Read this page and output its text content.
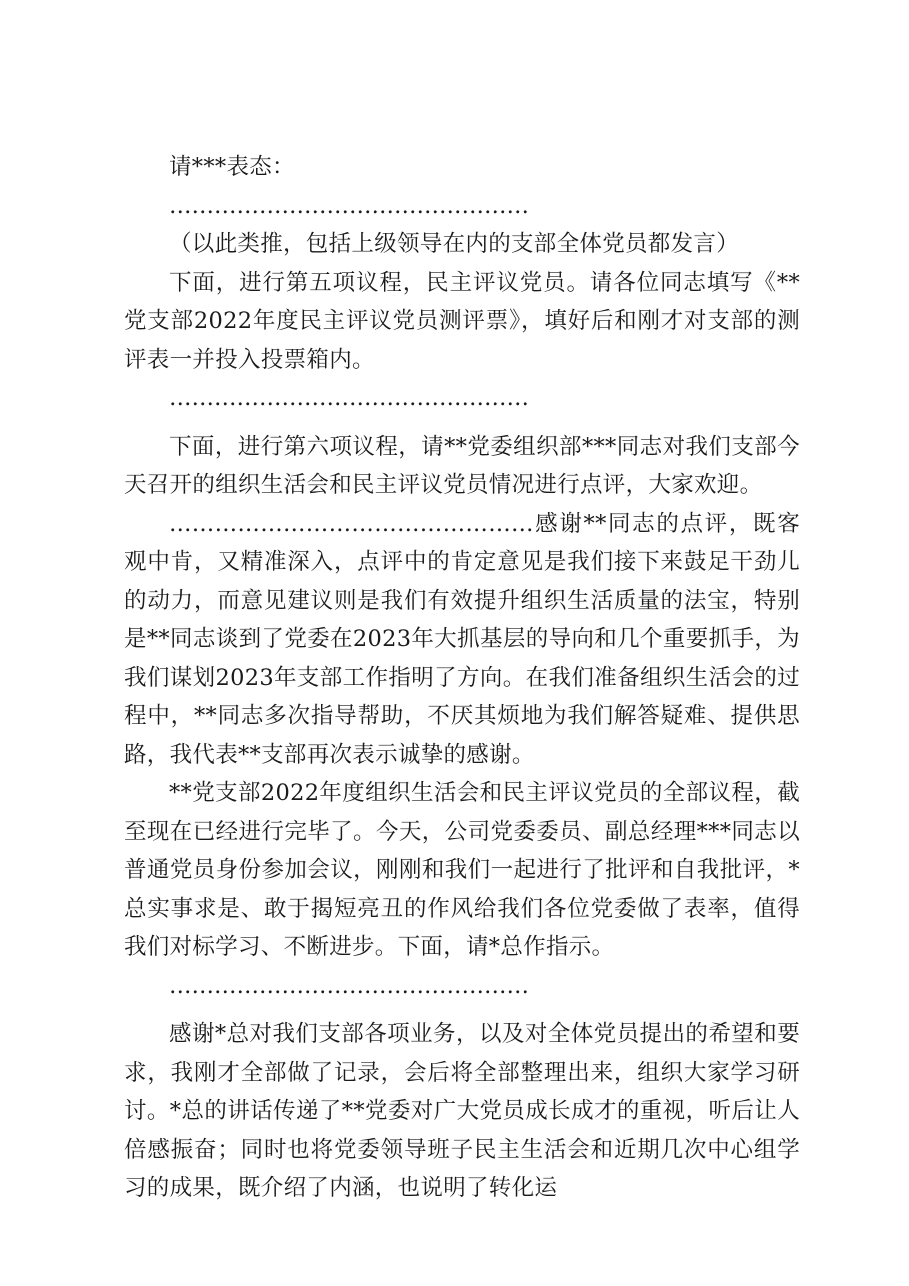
请***表态：

…………………………………………

（以此类推，包括上级领导在内的支部全体党员都发言）

下面，进行第五项议程，民主评议党员。请各位同志填写《**党支部2022年度民主评议党员测评票》，填好后和刚才对支部的测评表一并投入投票箱内。

…………………………………………

下面，进行第六项议程，请**党委组织部***同志对我们支部今天召开的组织生活会和民主评议党员情况进行点评，大家欢迎。

…………………………………………感谢**同志的点评，既客观中肯，又精准深入，点评中的肯定意见是我们接下来鼓足干劲儿的动力，而意见建议则是我们有效提升组织生活质量的法宝，特别是**同志谈到了党委在2023年大抓基层的导向和几个重要抓手，为我们谋划2023年支部工作指明了方向。在我们准备组织生活会的过程中，**同志多次指导帮助，不厌其烦地为我们解答疑难、提供思路，我代表**支部再次表示诚挚的感谢。

**党支部2022年度组织生活会和民主评议党员的全部议程，截至现在已经进行完毕了。今天，公司党委委员、副总经理***同志以普通党员身份参加会议，刚刚和我们一起进行了批评和自我批评，*总实事求是、敢于揭短亮丑的作风给我们各位党委做了表率，值得我们对标学习、不断进步。下面，请*总作指示。

…………………………………………

感谢*总对我们支部各项业务，以及对全体党员提出的希望和要求，我刚才全部做了记录，会后将全部整理出来，组织大家学习研讨。*总的讲话传递了**党委对广大党员成长成才的重视，听后让人倍感振奋；同时也将党委领导班子民主生活会和近期几次中心组学习的成果，既介绍了内涵，也说明了转化运
